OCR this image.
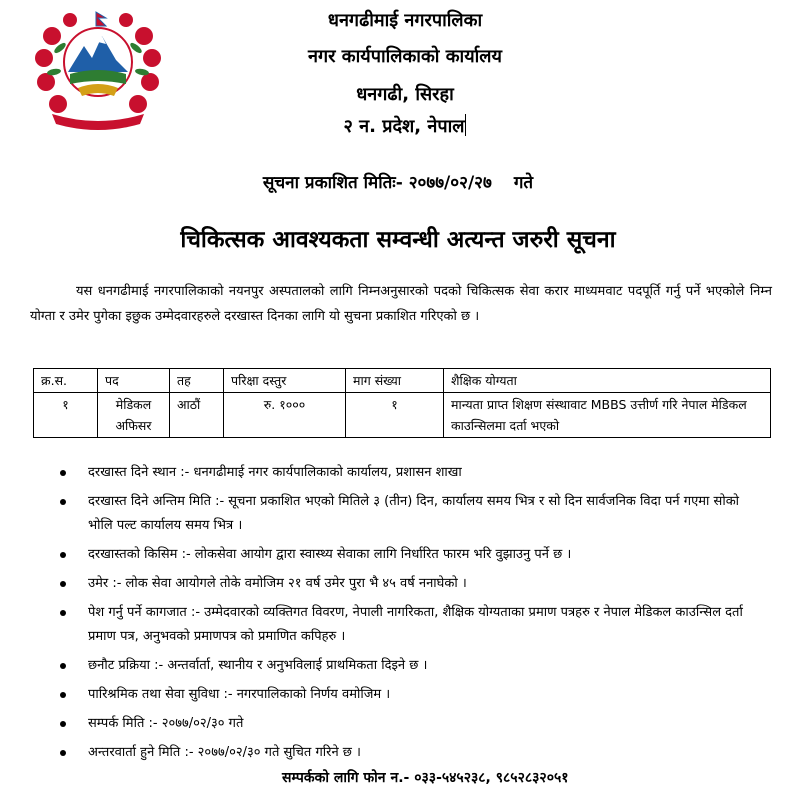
धनगढीमाई नगरपालिका
नगर कार्यपालिकाको कार्यालय
धनगढी, सिरहा
२ न. प्रदेश, नेपाल
सूचना प्रकाशित मितिः- २०७७/०२/२७ गते
चिकित्सक आवश्यकता सम्वन्धी अत्यन्त जरुरी सूचना
यस धनगढीमाई नगरपालिकाको नयनपुर अस्पतालको लागि निम्नअनुसारको पदको चिकित्सक सेवा करार माध्यमवाट पदपूर्ति गर्नु पर्ने भएकोले निम्न योग्ता र उमेर पुगेका इछुक उम्मेदवारहरुले दरखास्त दिनका लागि यो सुचना प्रकाशित गरिएको छ ।
क्र.स.	पद	तह	परिक्षा दस्तुर	माग संख्या	शैक्षिक योग्यता
१	मेडिकल अफिसर	आठौं	रु. १०००	१	मान्यता प्राप्त शिक्षण संस्थावाट MBBS उत्तीर्ण गरि नेपाल मेडिकल काउन्सिलमा दर्ता भएको
दरखास्त दिने स्थान :- धनगढीमाई नगर कार्यपालिकाको कार्यालय, प्रशासन शाखा
दरखास्त दिने अन्तिम मिति :- सूचना प्रकाशित भएको मितिले ३ (तीन) दिन, कार्यालय समय भित्र र सो दिन सार्वजनिक विदा पर्न गएमा सोको भोलि पल्ट कार्यालय समय भित्र ।
दरखास्तको किसिम :- लोकसेवा आयोग द्वारा स्वास्थ्य सेवाका लागि निर्धारित फारम भरि वुझाउनु पर्ने छ ।
उमेर :- लोक सेवा आयोगले तोके वमोजिम २१ वर्ष उमेर पुरा भै ४५ वर्ष ननाघेको ।
पेश गर्नु पर्ने कागजात :- उम्मेदवारको व्यक्तिगत विवरण, नेपाली नागरिकता, शैक्षिक योग्यताका प्रमाण पत्रहरु र नेपाल मेडिकल काउन्सिल दर्ता प्रमाण पत्र, अनुभवको प्रमाणपत्र को प्रमाणित कपिहरु ।
छनौट प्रक्रिया :- अन्तर्वार्ता, स्थानीय र अनुभविलाई प्राथमिकता दिइने छ ।
पारिश्रमिक तथा सेवा सुविधा :- नगरपालिकाको निर्णय वमोजिम ।
सम्पर्क मिति :- २०७७/०२/३० गते
अन्तरवार्ता हुने मिति :- २०७७/०२/३० गते सुचित गरिने छ ।
सम्पर्कको लागि फोन न.- ०३३-५४५२३८, ९८५२८३२०५१
